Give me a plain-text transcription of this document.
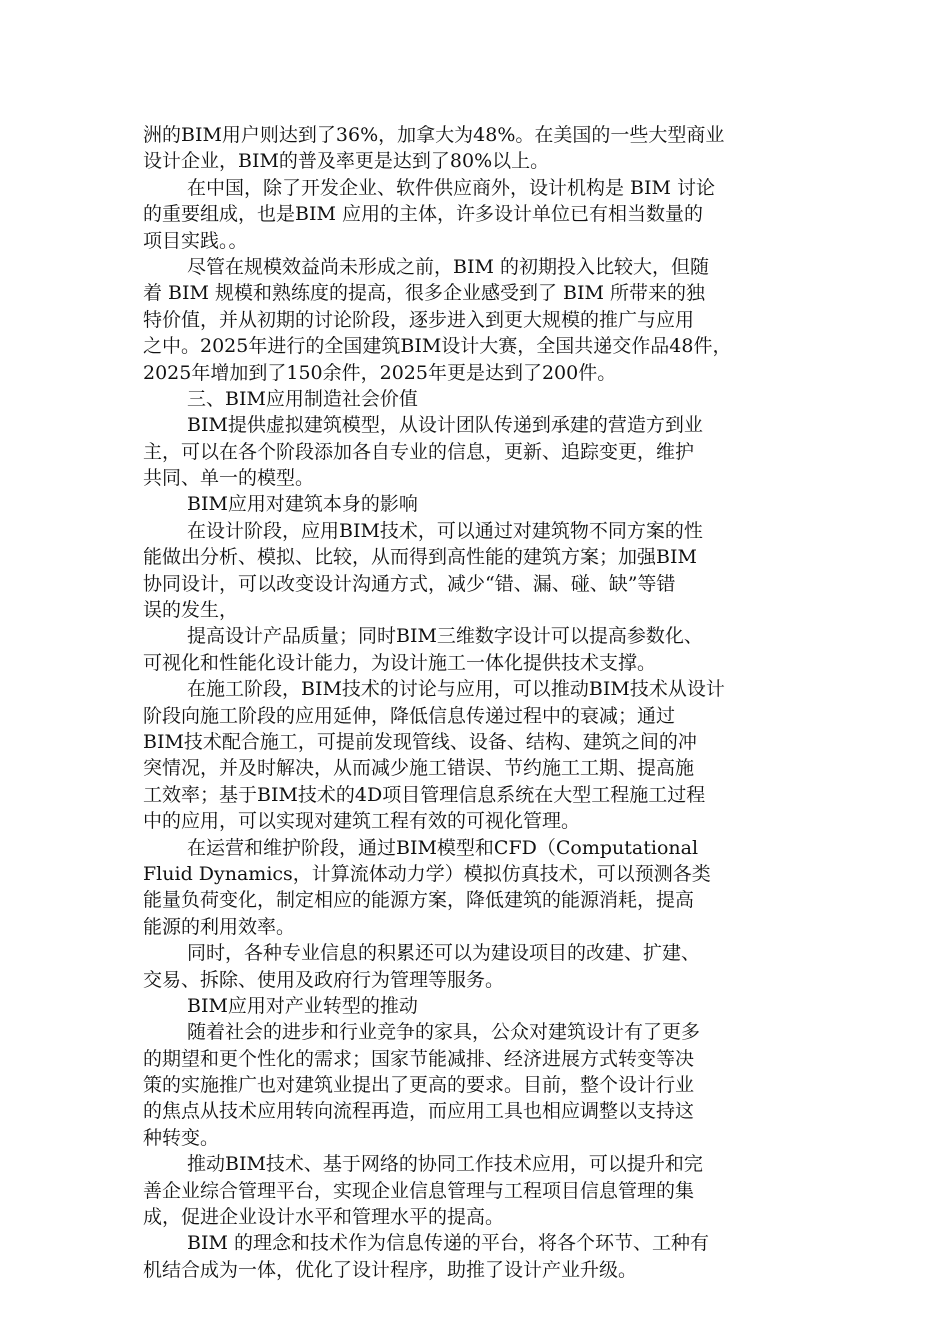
洲的BIM用户则达到了36%，加拿大为48%。在美国的一些大型商业
设计企业，BIM的普及率更是达到了80%以上。
在中国，除了开发企业、软件供应商外，设计机构是 BIM 讨论
的重要组成，也是BIM 应用的主体，许多设计单位已有相当数量的
项目实践。。
尽管在规模效益尚未形成之前，BIM 的初期投入比较大，但随
着 BIM 规模和熟练度的提高，很多企业感受到了 BIM 所带来的独
特价值，并从初期的讨论阶段，逐步进入到更大规模的推广与应用
之中。2025年进行的全国建筑BIM设计大赛，全国共递交作品48件，
2025年增加到了150余件，2025年更是达到了200件。
三、BIM应用制造社会价值
BIM提供虚拟建筑模型，从设计团队传递到承建的营造方到业
主，可以在各个阶段添加各自专业的信息，更新、追踪变更，维护
共同、单一的模型。
BIM应用对建筑本身的影响
在设计阶段，应用BIM技术，可以通过对建筑物不同方案的性
能做出分析、模拟、比较，从而得到高性能的建筑方案；加强BIM
协同设计，可以改变设计沟通方式，减少“错、漏、碰、缺”等错
误的发生，
提高设计产品质量；同时BIM三维数字设计可以提高参数化、
可视化和性能化设计能力，为设计施工一体化提供技术支撑。
在施工阶段，BIM技术的讨论与应用，可以推动BIM技术从设计
阶段向施工阶段的应用延伸，降低信息传递过程中的衰减；通过
BIM技术配合施工，可提前发现管线、设备、结构、建筑之间的冲
突情况，并及时解决，从而减少施工错误、节约施工工期、提高施
工效率；基于BIM技术的4D项目管理信息系统在大型工程施工过程
中的应用，可以实现对建筑工程有效的可视化管理。
在运营和维护阶段，通过BIM模型和CFD（Computational
Fluid Dynamics，计算流体动力学）模拟仿真技术，可以预测各类
能量负荷变化，制定相应的能源方案，降低建筑的能源消耗，提高
能源的利用效率。
同时，各种专业信息的积累还可以为建设项目的改建、扩建、
交易、拆除、使用及政府行为管理等服务。
BIM应用对产业转型的推动
随着社会的进步和行业竞争的家具，公众对建筑设计有了更多
的期望和更个性化的需求；国家节能减排、经济进展方式转变等决
策的实施推广也对建筑业提出了更高的要求。目前，整个设计行业
的焦点从技术应用转向流程再造，而应用工具也相应调整以支持这
种转变。
推动BIM技术、基于网络的协同工作技术应用，可以提升和完
善企业综合管理平台，实现企业信息管理与工程项目信息管理的集
成，促进企业设计水平和管理水平的提高。
BIM 的理念和技术作为信息传递的平台，将各个环节、工种有
机结合成为一体，优化了设计程序，助推了设计产业升级。
